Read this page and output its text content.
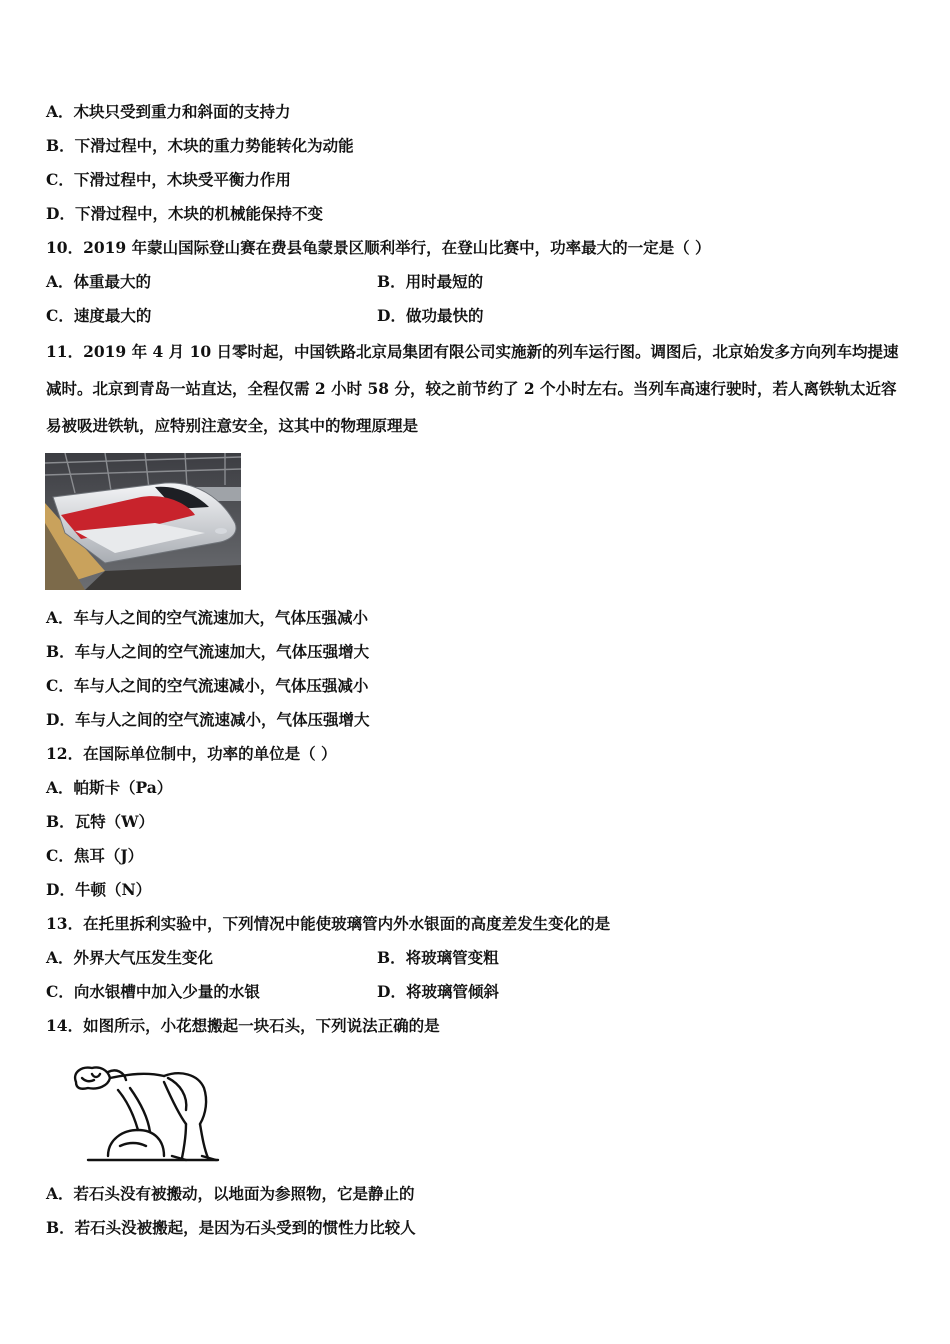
A．木块只受到重力和斜面的支持力
B．下滑过程中，木块的重力势能转化为动能
C．下滑过程中，木块受平衡力作用
D．下滑过程中，木块的机械能保持不变
10．2019 年蒙山国际登山赛在费县龟蒙景区顺利举行，在登山比赛中，功率最大的一定是（ ）
A．体重最大的	B．用时最短的
C．速度最大的	D．做功最快的
11．2019 年 4 月 10 日零时起，中国铁路北京局集团有限公司实施新的列车运行图。调图后，北京始发多方向列车均提速减时。北京到青岛一站直达，全程仅需 2 小时 58 分，较之前节约了 2 个小时左右。当列车高速行驶时，若人离铁轨太近容易被吸进铁轨，应特别注意安全，这其中的物理原理是
A．车与人之间的空气流速加大，气体压强减小
B．车与人之间的空气流速加大，气体压强增大
C．车与人之间的空气流速减小，气体压强减小
D．车与人之间的空气流速减小，气体压强增大
12．在国际单位制中，功率的单位是（ ）
A．帕斯卡（Pa）
B．瓦特（W）
C．焦耳（J）
D．牛顿（N）
13．在托里拆利实验中，下列情况中能使玻璃管内外水银面的高度差发生变化的是
A．外界大气压发生变化	B．将玻璃管变粗
C．向水银槽中加入少量的水银	D．将玻璃管倾斜
14．如图所示，小花想搬起一块石头，下列说法正确的是
A．若石头没有被搬动，以地面为参照物，它是静止的
B．若石头没被搬起，是因为石头受到的惯性力比较人
